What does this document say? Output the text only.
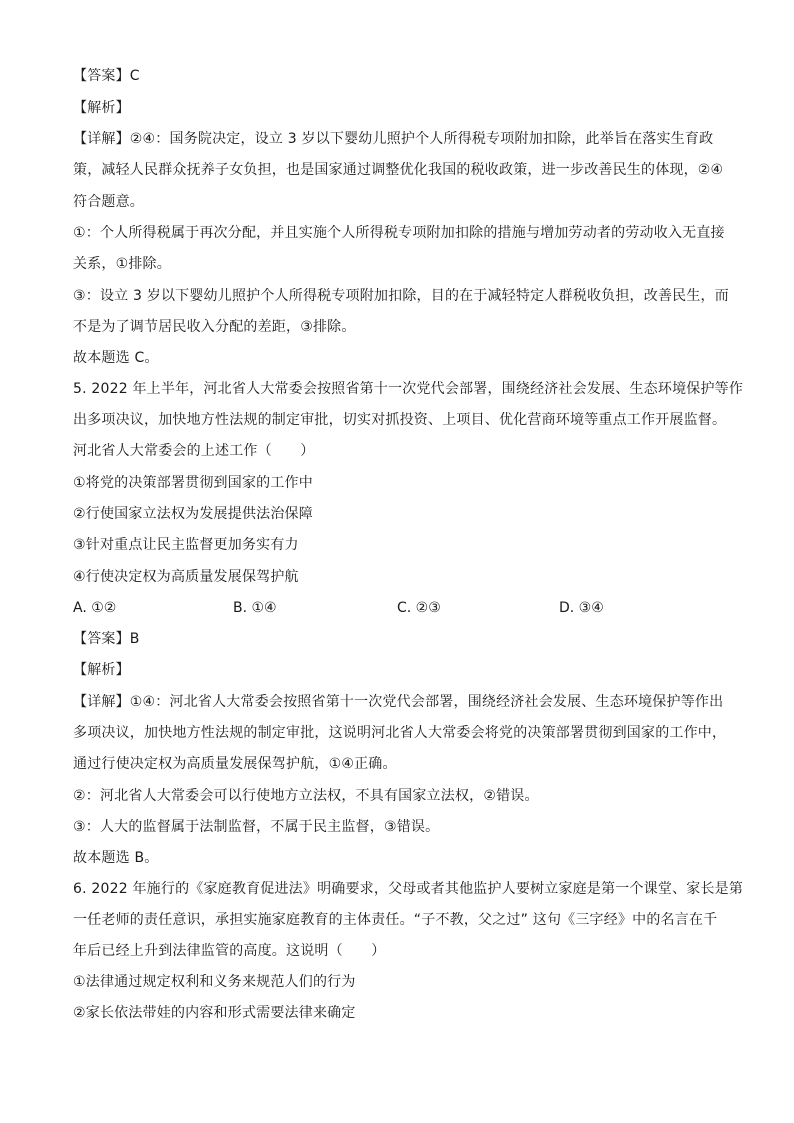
【答案】C
【解析】
【详解】②④：国务院决定，设立 3 岁以下婴幼儿照护个人所得税专项附加扣除，此举旨在落实生育政
策，减轻人民群众抚养子女负担，也是国家通过调整优化我国的税收政策，进一步改善民生的体现，②④
符合题意。
①：个人所得税属于再次分配，并且实施个人所得税专项附加扣除的措施与增加劳动者的劳动收入无直接
关系，①排除。
③：设立 3 岁以下婴幼儿照护个人所得税专项附加扣除，目的在于减轻特定人群税收负担，改善民生，而
不是为了调节居民收入分配的差距，③排除。
故本题选 C。
5. 2022 年上半年，河北省人大常委会按照省第十一次党代会部署，围绕经济社会发展、生态环境保护等作
出多项决议，加快地方性法规的制定审批，切实对抓投资、上项目、优化营商环境等重点工作开展监督。
河北省人大常委会的上述工作（　　）
①将党的决策部署贯彻到国家的工作中
②行使国家立法权为发展提供法治保障
③针对重点让民主监督更加务实有力
④行使决定权为高质量发展保驾护航
A. ①②	B. ①④	C. ②③	D. ③④
【答案】B
【解析】
【详解】①④：河北省人大常委会按照省第十一次党代会部署，围绕经济社会发展、生态环境保护等作出
多项决议，加快地方性法规的制定审批，这说明河北省人大常委会将党的决策部署贯彻到国家的工作中，
通过行使决定权为高质量发展保驾护航，①④正确。
②：河北省人大常委会可以行使地方立法权，不具有国家立法权，②错误。
③：人大的监督属于法制监督，不属于民主监督，③错误。
故本题选 B。
6. 2022 年施行的《家庭教育促进法》明确要求，父母或者其他监护人要树立家庭是第一个课堂、家长是第
一任老师的责任意识，承担实施家庭教育的主体责任。“子不教，父之过” 这句《三字经》中的名言在千
年后已经上升到法律监管的高度。这说明（　　）
①法律通过规定权利和义务来规范人们的行为
②家长依法带娃的内容和形式需要法律来确定
